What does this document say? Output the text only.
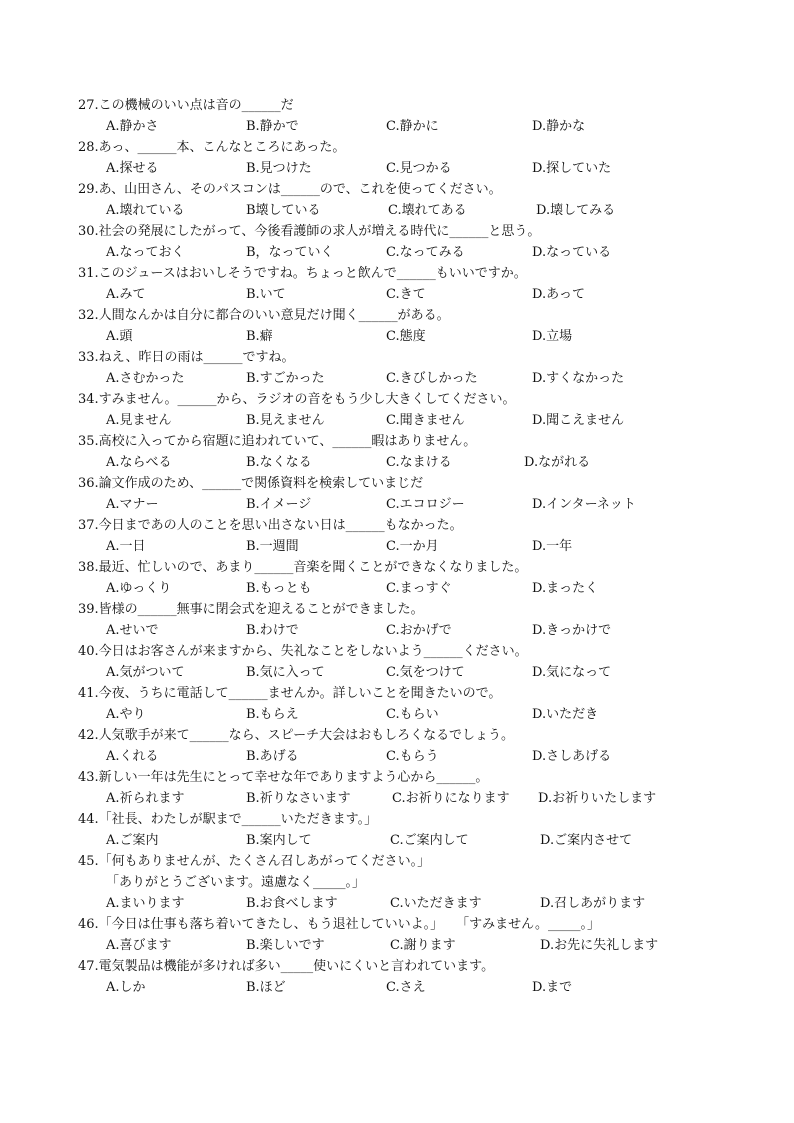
27.この機械のいい点は音の______だ
A.静かさ	B.静かで	C.静かに	D.静かな
28.あっ、______本、こんなところにあった。
A.探せる	B.見つけた	C.見つかる	D.探していた
29.あ、山田さん、そのパスコンは______ので、これを使ってください。
A.壊れている	B壊している	C.壊れてある	D.壊してみる
30.社会の発展にしたがって、今後看護師の求人が増える時代に______と思う。
A.なっておく	B，なっていく	C.なってみる	D.なっている
31.このジュースはおいしそうですね。ちょっと飲んで______もいいですか。
A.みて	B.いて	C.きて	D.あって
32.人間なんかは自分に都合のいい意見だけ聞く______がある。
A.頭	B.癖	C.態度	D.立場
33.ねえ、昨日の雨は______ですね。
A.さむかった	B.すごかった	C.きびしかった	D.すくなかった
34.すみません。______から、ラジオの音をもう少し大きくしてください。
A.見ません	B.見えません	C.聞きません	D.聞こえません
35.高校に入ってから宿題に追われていて、______暇はありません。
A.ならべる	B.なくなる	C.なまける	D.ながれる
36.論文作成のため、______で関係資料を検索していまじだ
A.マナー	B.イメージ	C.エコロジー	D.インターネット
37.今日まであの人のことを思い出さない日は______もなかった。
A.一日	B.一週間	C.一か月	D.一年
38.最近、忙しいので、あまり______音楽を聞くことができなくなりました。
A.ゆっくり	B.もっとも	C.まっすぐ	D.まったく
39.皆様の______無事に閉会式を迎えることができました。
A.せいで	B.わけで	C.おかげで	D.きっかけで
40.今日はお客さんが来ますから、失礼なことをしないよう______ください。
A.気がついて	B.気に入って	C.気をつけて	D.気になって
41.今夜、うちに電話して______ませんか。詳しいことを聞きたいので。
A.やり	B.もらえ	C.もらい	D.いただき
42.人気歌手が来て______なら、スピーチ大会はおもしろくなるでしょう。
A.くれる	B.あげる	C.もらう	D.さしあげる
43.新しい一年は先生にとって幸せな年でありますよう心から______。
A.祈られます	B.祈りなさいます	C.お祈りになります D.お祈りいたします
44.「社長、わたしが駅まで______いただきます。」
A.ご案内	B.案内して	C.ご案内して	D.ご案内させて
45.「何もありませんが、たくさん召しあがってください。」
「ありがとうございます。遠慮なく_____。」
A.まいります	B.お食べします	C.いただきます	D.召しあがります
46.「今日は仕事も落ち着いてきたし、もう退社していいよ。」　　「すみません。_____。」
A.喜びます	B.楽しいです	C.謝ります	D.お先に失礼します
47.電気製品は機能が多ければ多い_____使いにくいと言われています。
A.しか	B.ほど	C.さえ	D.まで
